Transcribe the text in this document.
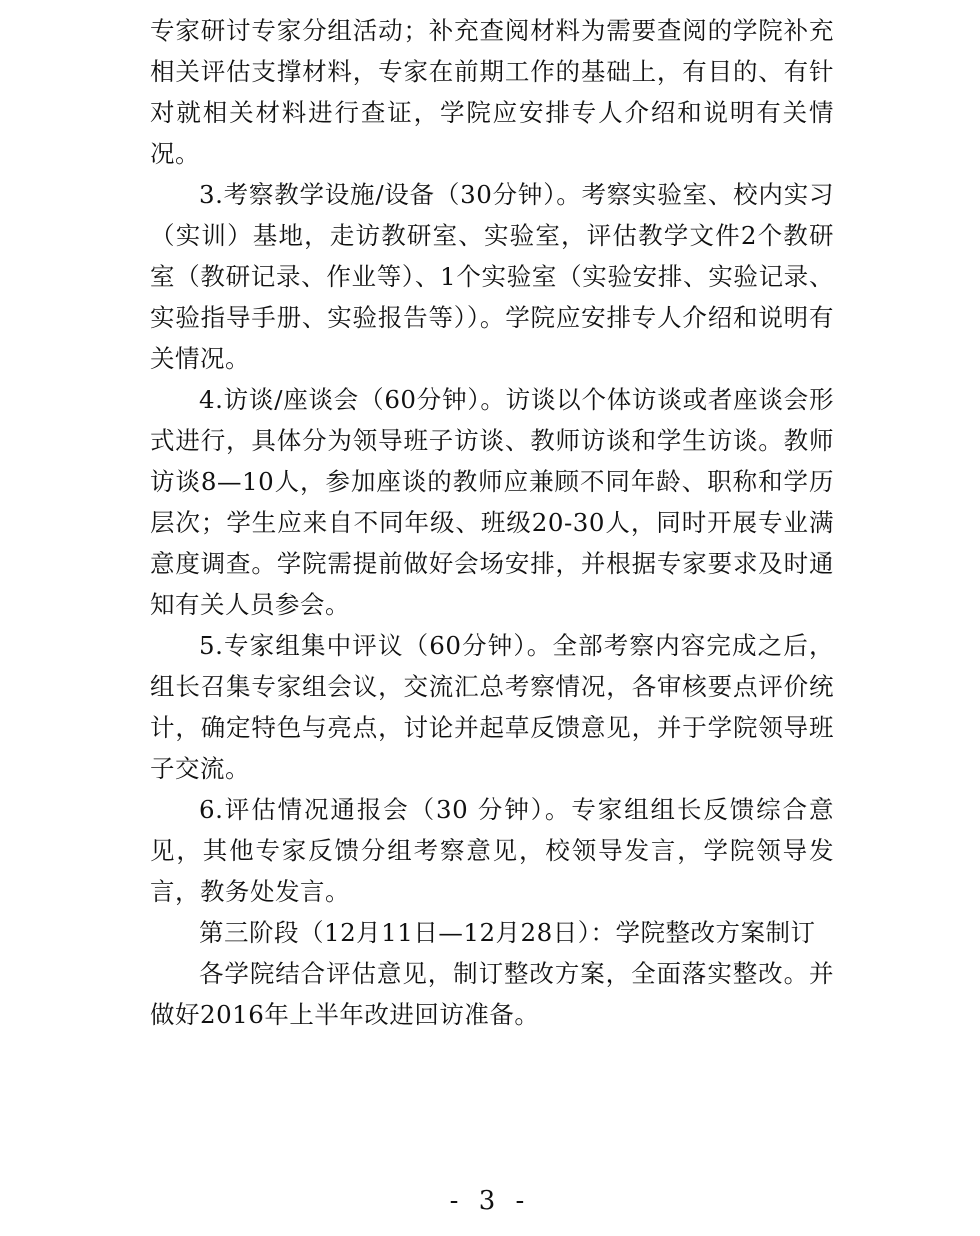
专家研讨专家分组活动；补充查阅材料为需要查阅的学院补充相关评估支撑材料，专家在前期工作的基础上，有目的、有针对就相关材料进行查证，学院应安排专人介绍和说明有关情况。

3.考察教学设施/设备（30分钟）。考察实验室、校内实习（实训）基地，走访教研室、实验室，评估教学文件2个教研室（教研记录、作业等）、1个实验室（实验安排、实验记录、实验指导手册、实验报告等））。学院应安排专人介绍和说明有关情况。

4.访谈/座谈会（60分钟）。访谈以个体访谈或者座谈会形式进行，具体分为领导班子访谈、教师访谈和学生访谈。教师访谈8—10人，参加座谈的教师应兼顾不同年龄、职称和学历层次；学生应来自不同年级、班级20-30人，同时开展专业满意度调查。学院需提前做好会场安排，并根据专家要求及时通知有关人员参会。

5.专家组集中评议（60分钟）。全部考察内容完成之后，组长召集专家组会议，交流汇总考察情况，各审核要点评价统计，确定特色与亮点，讨论并起草反馈意见，并于学院领导班子交流。

6.评估情况通报会（30 分钟）。专家组组长反馈综合意见，其他专家反馈分组考察意见，校领导发言，学院领导发言，教务处发言。

第三阶段（12月11日—12月28日）：学院整改方案制订

各学院结合评估意见，制订整改方案，全面落实整改。并做好2016年上半年改进回访准备。

- 3 -
